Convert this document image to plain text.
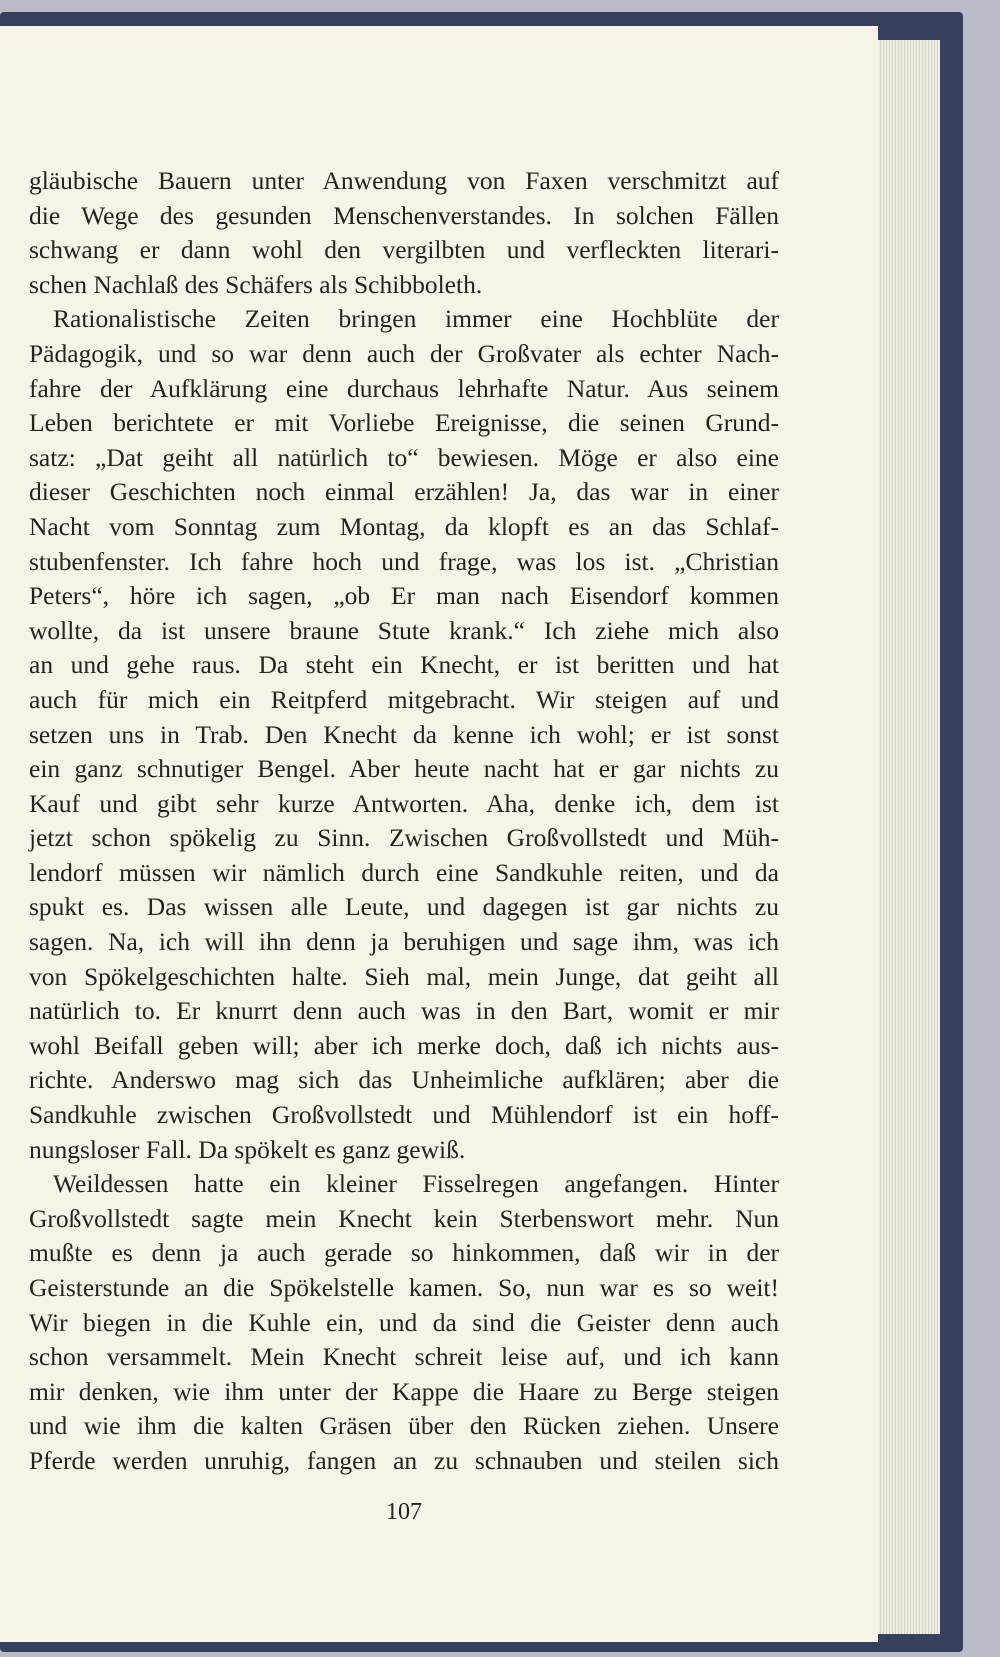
gläubische Bauern unter Anwendung von Faxen verschmitzt auf
die Wege des gesunden Menschenverstandes. In solchen Fällen
schwang er dann wohl den vergilbten und verfleckten literari-
schen Nachlaß des Schäfers als Schibboleth.

Rationalistische Zeiten bringen immer eine Hochblüte der
Pädagogik, und so war denn auch der Großvater als echter Nach-
fahre der Aufklärung eine durchaus lehrhafte Natur. Aus seinem
Leben berichtete er mit Vorliebe Ereignisse, die seinen Grund-
satz: „Dat geiht all natürlich to“ bewiesen. Möge er also eine
dieser Geschichten noch einmal erzählen! Ja, das war in einer
Nacht vom Sonntag zum Montag, da klopft es an das Schlaf-
stubenfenster. Ich fahre hoch und frage, was los ist. „Christian
Peters“, höre ich sagen, „ob Er man nach Eisendorf kommen
wollte, da ist unsere braune Stute krank.“ Ich ziehe mich also
an und gehe raus. Da steht ein Knecht, er ist beritten und hat
auch für mich ein Reitpferd mitgebracht. Wir steigen auf und
setzen uns in Trab. Den Knecht da kenne ich wohl; er ist sonst
ein ganz schnutiger Bengel. Aber heute nacht hat er gar nichts zu
Kauf und gibt sehr kurze Antworten. Aha, denke ich, dem ist
jetzt schon spökelig zu Sinn. Zwischen Großvollstedt und Müh-
lendorf müssen wir nämlich durch eine Sandkuhle reiten, und da
spukt es. Das wissen alle Leute, und dagegen ist gar nichts zu
sagen. Na, ich will ihn denn ja beruhigen und sage ihm, was ich
von Spökelgeschichten halte. Sieh mal, mein Junge, dat geiht all
natürlich to. Er knurrt denn auch was in den Bart, womit er mir
wohl Beifall geben will; aber ich merke doch, daß ich nichts aus-
richte. Anderswo mag sich das Unheimliche aufklären; aber die
Sandkuhle zwischen Großvollstedt und Mühlendorf ist ein hoff-
nungsloser Fall. Da spökelt es ganz gewiß.

Weildessen hatte ein kleiner Fisselregen angefangen. Hinter
Großvollstedt sagte mein Knecht kein Sterbenswort mehr. Nun
mußte es denn ja auch gerade so hinkommen, daß wir in der
Geisterstunde an die Spökelstelle kamen. So, nun war es so weit!
Wir biegen in die Kuhle ein, und da sind die Geister denn auch
schon versammelt. Mein Knecht schreit leise auf, und ich kann
mir denken, wie ihm unter der Kappe die Haare zu Berge steigen
und wie ihm die kalten Gräsen über den Rücken ziehen. Unsere
Pferde werden unruhig, fangen an zu schnauben und steilen sich

107
